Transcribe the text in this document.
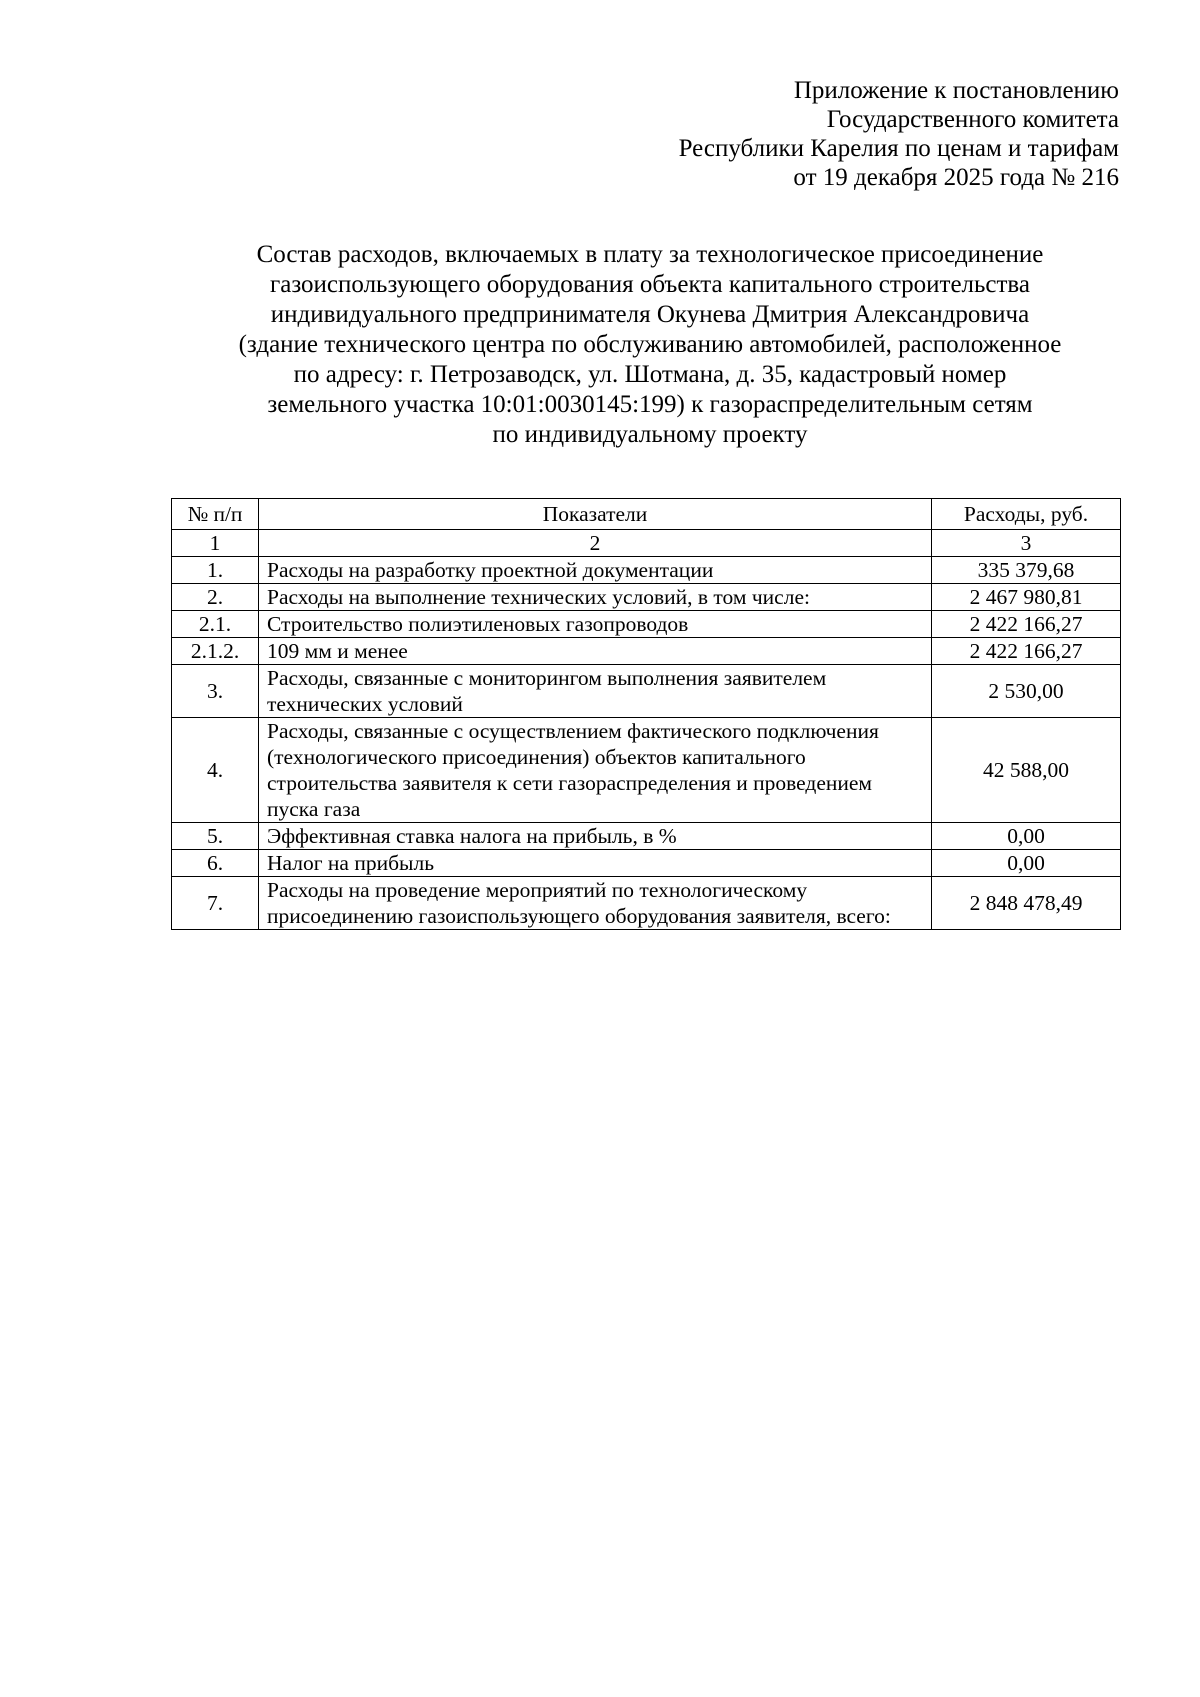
Приложение к постановлению
Государственного комитета
Республики Карелия по ценам и тарифам
от 19 декабря 2025 года № 216
Состав расходов, включаемых в плату за технологическое присоединение
газоиспользующего оборудования объекта капитального строительства
индивидуального предпринимателя Окунева Дмитрия Александровича
(здание технического центра по обслуживанию автомобилей, расположенное
по адресу: г. Петрозаводск, ул. Шотмана, д. 35, кадастровый номер
земельного участка 10:01:0030145:199) к газораспределительным сетям
по индивидуальному проекту
№ п/п	Показатели	Расходы, руб.
1	2	3
1.	Расходы на разработку проектной документации	335 379,68
2.	Расходы на выполнение технических условий, в том числе:	2 467 980,81
2.1.	Строительство полиэтиленовых газопроводов	2 422 166,27
2.1.2.	109 мм и менее	2 422 166,27
3.	Расходы, связанные с мониторингом выполнения заявителем технических условий	2 530,00
4.	Расходы, связанные с осуществлением фактического подключения (технологического присоединения) объектов капитального строительства заявителя к сети газораспределения и проведением пуска газа	42 588,00
5.	Эффективная ставка налога на прибыль, в %	0,00
6.	Налог на прибыль	0,00
7.	Расходы на проведение мероприятий по технологическому присоединению газоиспользующего оборудования заявителя, всего:	2 848 478,49
